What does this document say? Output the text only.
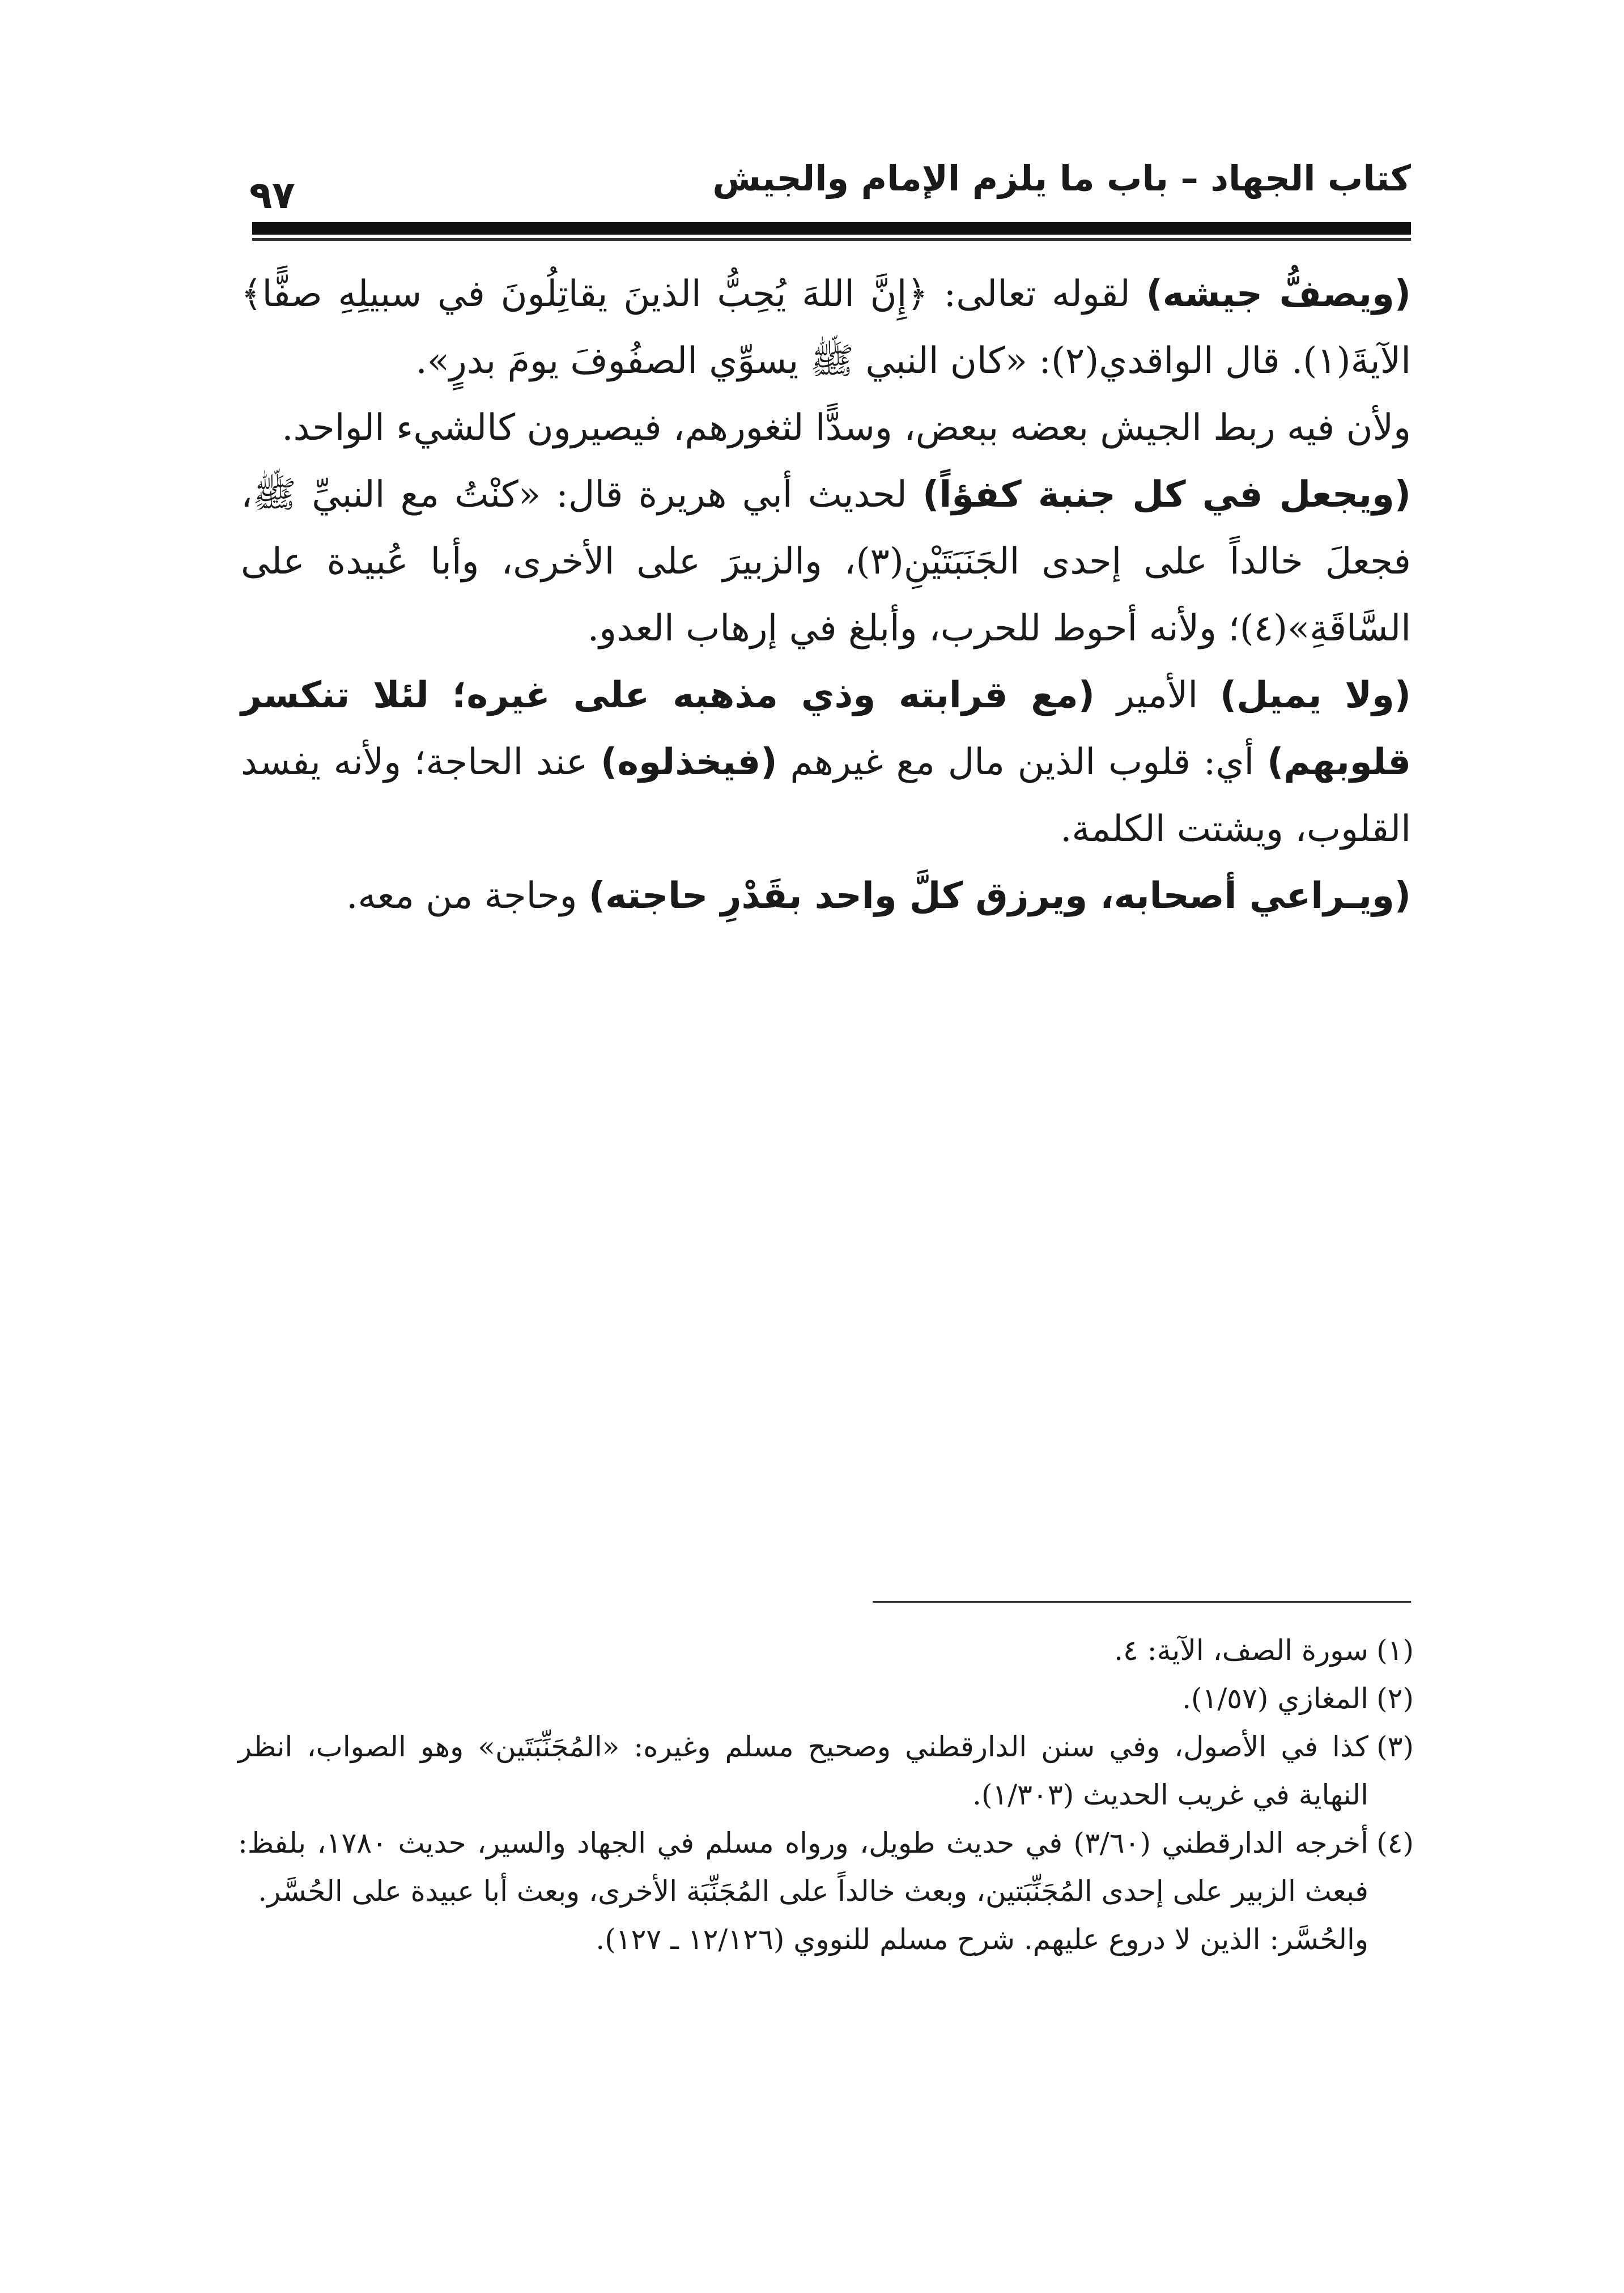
كتاب الجهاد – باب ما يلزم الإمام والجيش
٩٧

(ويصفُّ جيشه) لقوله تعالى: ﴿إِنَّ اللهَ يُحِبُّ الذينَ يقاتِلُونَ في سبيلِهِ صفًّا﴾ الآيةَ(١). قال الواقدي(٢): «كان النبي ﷺ يسوِّي الصفُوفَ يومَ بدرٍ».

ولأن فيه ربط الجيش بعضه ببعض، وسدًّا لثغورهم، فيصيرون كالشيء الواحد.

(ويجعل في كل جنبة كفؤاً) لحديث أبي هريرة قال: «كنْتُ مع النبيِّ ﷺ، فجعلَ خالداً على إحدى الجَنَبَتَيْنِ(٣)، والزبيرَ على الأخرى، وأبا عُبيدة على السَّاقَةِ»(٤)؛ ولأنه أحوط للحرب، وأبلغ في إرهاب العدو.

(ولا يميل) الأمير (مع قرابته وذي مذهبه على غيره؛ لئلا تنكسر قلوبهم) أي: قلوب الذين مال مع غيرهم (فيخذلوه) عند الحاجة؛ ولأنه يفسد القلوب، ويشتت الكلمة.

(ويـراعي أصحابه، ويرزق كلَّ واحد بقَدْرِ حاجته) وحاجة من معه.

(١)سورة الصف، الآية: ٤.

(٢)المغازي (١/٥٧).

(٣)كذا في الأصول، وفي سنن الدارقطني وصحيح مسلم وغيره: «المُجَنِّبَتَين» وهو الصواب، انظر النهاية في غريب الحديث (١/٣٠٣).

(٤)أخرجه الدارقطني (٣/٦٠) في حديث طويل، ورواه مسلم في الجهاد والسير، حديث ١٧٨٠، بلفظ: فبعث الزبير على إحدى المُجَنِّبَتين، وبعث خالداً على المُجَنِّبَة الأخرى، وبعث أبا عبيدة على الحُسَّر.

والحُسَّر: الذين لا دروع عليهم. شرح مسلم للنووي (١٢/١٢٦ ـ ١٢٧).
